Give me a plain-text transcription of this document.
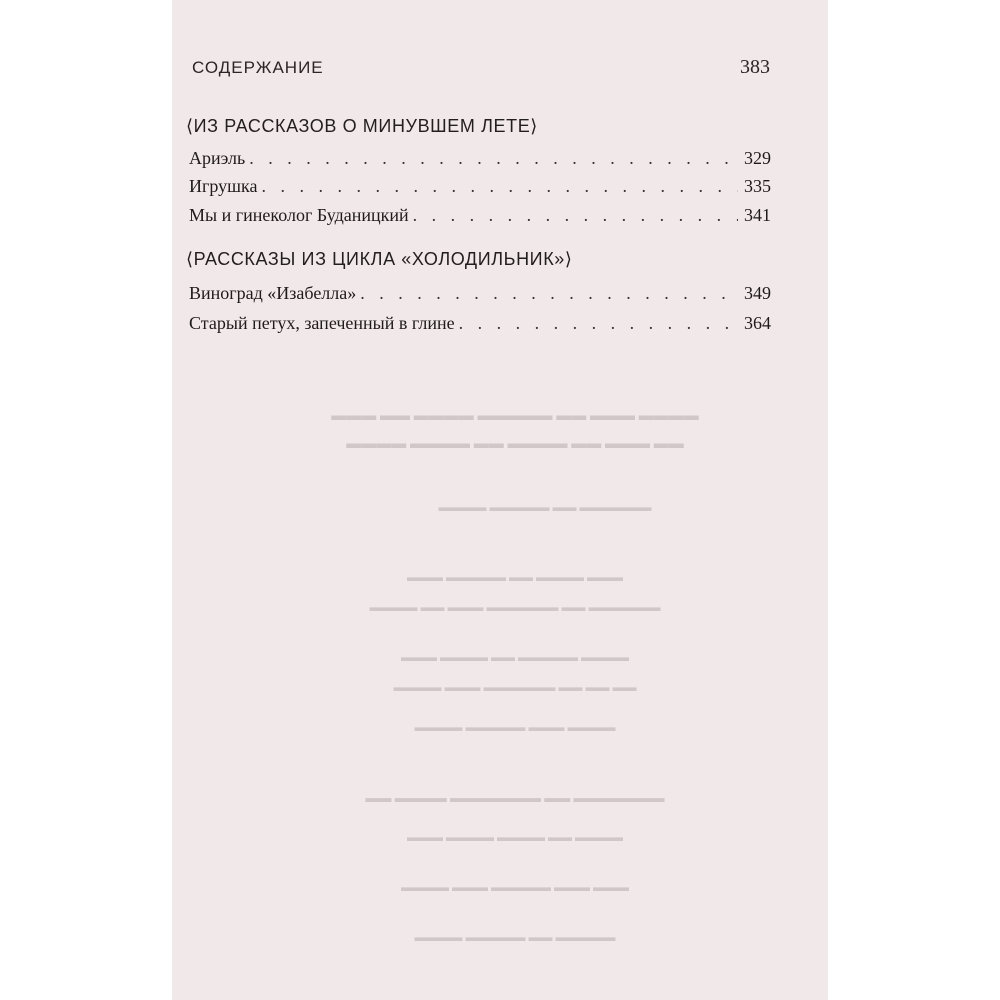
▬▬▬ ▬▬ ▬▬▬▬ ▬▬▬▬▬ ▬▬ ▬▬▬ ▬▬▬▬
▬▬▬▬ ▬▬▬▬ ▬▬ ▬▬▬▬ ▬▬ ▬▬▬ ▬▬
▬▬▬▬ ▬▬▬▬▬ ▬▬ ▬▬▬▬▬▬
▬▬▬ ▬▬▬▬▬ ▬▬ ▬▬▬▬ ▬▬▬
▬▬▬▬ ▬▬ ▬▬▬ ▬▬▬▬▬▬ ▬▬ ▬▬▬▬▬▬
▬▬▬ ▬▬▬▬ ▬▬ ▬▬▬▬▬ ▬▬▬▬
▬▬▬▬ ▬▬▬ ▬▬▬▬▬▬ ▬▬ ▬▬ ▬▬
▬▬▬▬ ▬▬▬▬▬ ▬▬▬ ▬▬▬▬
▬▬ ▬▬▬▬ ▬▬▬▬▬▬▬ ▬▬ ▬▬▬▬▬▬▬
▬▬▬ ▬▬▬▬ ▬▬▬▬ ▬▬ ▬▬▬▬
▬▬▬▬ ▬▬▬ ▬▬▬▬▬ ▬▬▬ ▬▬▬
▬▬▬▬ ▬▬▬▬▬ ▬▬ ▬▬▬▬▬
СОДЕРЖАНИЕ	383
⟨ИЗ РАССКАЗОВ О МИНУВШЕМ ЛЕТЕ⟩
Ариэль . . .	329
Игрушка . . .	335
Мы и гинеколог Буданицкий . . .	341
⟨РАССКАЗЫ ИЗ ЦИКЛА «ХОЛОДИЛЬНИК»⟩
Виноград «Изабелла» . . .	349
Старый петух, запеченный в глине . . .	364
